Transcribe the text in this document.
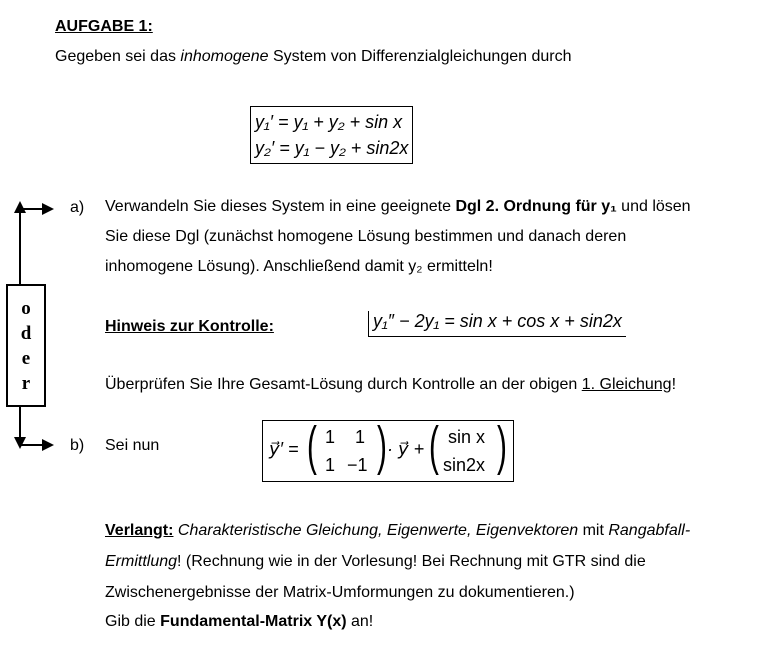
AUFGABE 1:
Gegeben sei das inhomogene System von Differenzialgleichungen durch
y₁′ = y₁ + y₂ + sin x
y₂′ = y₁ − y₂ + sin2x
o
d
e
r
a) Verwandeln Sie dieses System in eine geeignete Dgl 2. Ordnung für y₁ und lösen
Sie diese Dgl (zunächst homogene Lösung bestimmen und danach deren
inhomogene Lösung). Anschließend damit y₂ ermitteln!
Hinweis zur Kontrolle:	y₁″ − 2y₁ = sin x + cos x + sin2x
Überprüfen Sie Ihre Gesamt-Lösung durch Kontrolle an der obigen 1. Gleichung!
b) Sei nun	y⃗′ = ( 1 1
1 −1 ) · y⃗ + ( sin x
sin2x )
Verlangt: Charakteristische Gleichung, Eigenwerte, Eigenvektoren mit Rangabfall-
Ermittlung! (Rechnung wie in der Vorlesung! Bei Rechnung mit GTR sind die
Zwischenergebnisse der Matrix-Umformungen zu dokumentieren.)
Gib die Fundamental-Matrix Y(x) an!
